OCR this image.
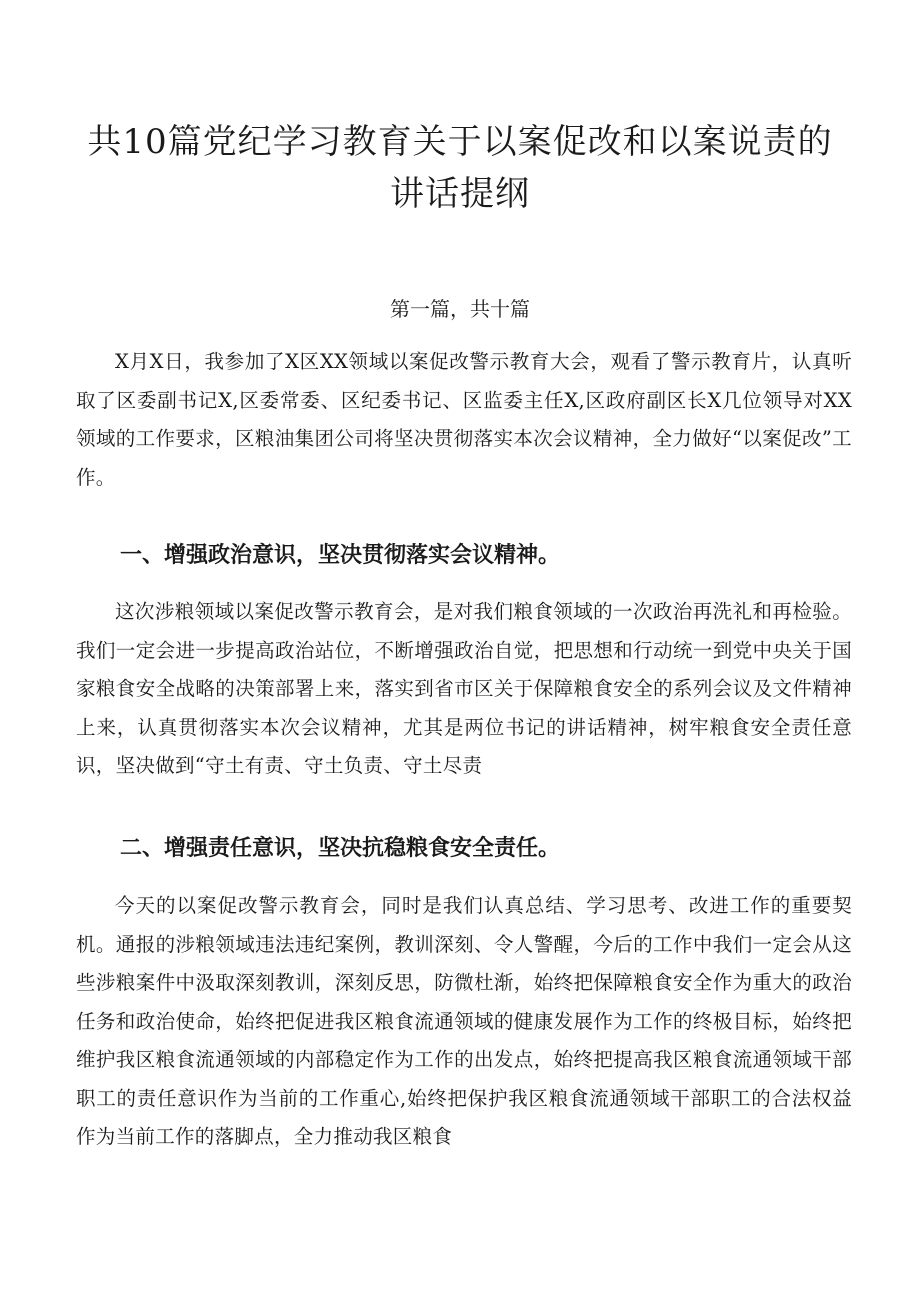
共10篇党纪学习教育关于以案促改和以案说责的讲话提纲

第一篇，共十篇

X月X日，我参加了X区XX领域以案促改警示教育大会，观看了警示教育片，认真听取了区委副书记X,区委常委、区纪委书记、区监委主任X,区政府副区长X几位领导对XX领域的工作要求，区粮油集团公司将坚决贯彻落实本次会议精神，全力做好“以案促改”工作。

一、增强政治意识，坚决贯彻落实会议精神。

这次涉粮领域以案促改警示教育会，是对我们粮食领域的一次政治再洗礼和再检验。我们一定会进一步提高政治站位，不断增强政治自觉，把思想和行动统一到党中央关于国家粮食安全战略的决策部署上来，落实到省市区关于保障粮食安全的系列会议及文件精神上来，认真贯彻落实本次会议精神，尤其是两位书记的讲话精神，树牢粮食安全责任意识，坚决做到“守土有责、守土负责、守土尽责

二、增强责任意识，坚决抗稳粮食安全责任。

今天的以案促改警示教育会，同时是我们认真总结、学习思考、改进工作的重要契机。通报的涉粮领域违法违纪案例，教训深刻、令人警醒，今后的工作中我们一定会从这些涉粮案件中汲取深刻教训，深刻反思，防微杜渐，始终把保障粮食安全作为重大的政治任务和政治使命，始终把促进我区粮食流通领域的健康发展作为工作的终极目标，始终把维护我区粮食流通领域的内部稳定作为工作的出发点，始终把提高我区粮食流通领域干部职工的责任意识作为当前的工作重心,始终把保护我区粮食流通领域干部职工的合法权益作为当前工作的落脚点，全力推动我区粮食
